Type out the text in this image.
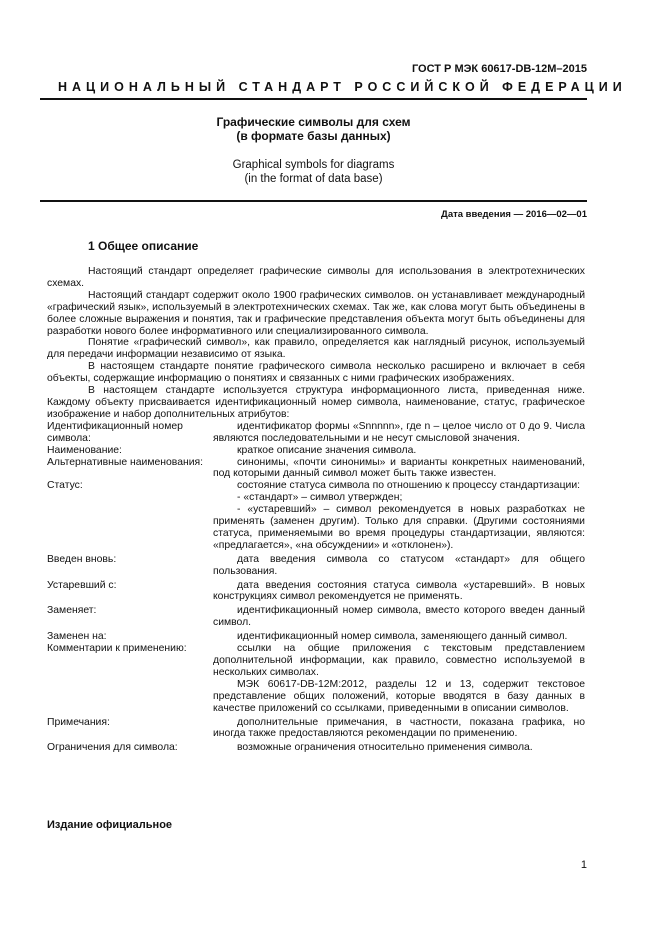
ГОСТ Р МЭК 60617-DB-12M–2015
НАЦИОНАЛЬНЫЙ СТАНДАРТ РОССИЙСКОЙ ФЕДЕРАЦИИ
Графические символы для схем
(в формате базы данных)
Graphical symbols for diagrams
(in the format of data base)
Дата введения — 2016—02—01
1 Общее описание

Настоящий стандарт определяет графические символы для использования в электротехнических схемах.

Настоящий стандарт содержит около 1900 графических символов. он устанавливает международный «графический язык», используемый в электротехнических схемах. Так же, как слова могут быть объединены в более сложные выражения и понятия, так и графические представления объекта могут быть объединены для разработки нового более информативного или специализированного символа.

Понятие «графический символ», как правило, определяется как наглядный рисунок, используемый для передачи информации независимо от языка.

В настоящем стандарте понятие графического символа несколько расширено и включает в себя объекты, содержащие информацию о понятиях и связанных с ними графических изображениях.

В настоящем стандарте используется структура информационного листа, приведенная ниже. Каждому объекту присваивается идентификационный номер символа, наименование, статус, графическое изображение и набор дополнительных атрибутов:

Идентификационный номер символа:

идентификатор формы «Snnnnn», где n – целое число от 0 до 9. Числа являются последовательными и не несут смысловой значения.

Наименование:	краткое описание значения символа.

Альтернативные наименования:	синонимы, «почти синонимы» и варианты конкретных наименований, под которыми данный символ может быть также известен.

Статус:	состояние статуса символа по отношению к процессу стандартизации:

- «стандарт» – символ утвержден;

- «устаревший» – символ рекомендуется в новых разработках не применять (заменен другим). Только для справки. (Другими состояниями статуса, применяемыми во время процедуры стандартизации, являются: «предлагается», «на обсуждении» и «отклонен»).

Введен вновь:	дата введения символа со статусом «стандарт» для общего пользования.

Устаревший с:	дата введения состояния статуса символа «устаревший». В новых конструкциях символ рекомендуется не применять.

Заменяет:	идентификационный номер символа, вместо которого введен данный символ.

Заменен на:	идентификационный номер символа, заменяющего данный символ.

Комментарии к применению:	ссылки на общие приложения с текстовым представлением дополнительной информации, как правило, совместно используемой в нескольких символах.

МЭК 60617-DB-12M:2012, разделы 12 и 13, содержит текстовое представление общих положений, которые вводятся в базу данных в качестве приложений со ссылками, приведенными в описании символов.

Примечания:	дополнительные примечания, в частности, показана графика, но иногда также предоставляются рекомендации по применению.

Ограничения для символа:	возможные ограничения относительно применения символа.

Издание официальное
1
